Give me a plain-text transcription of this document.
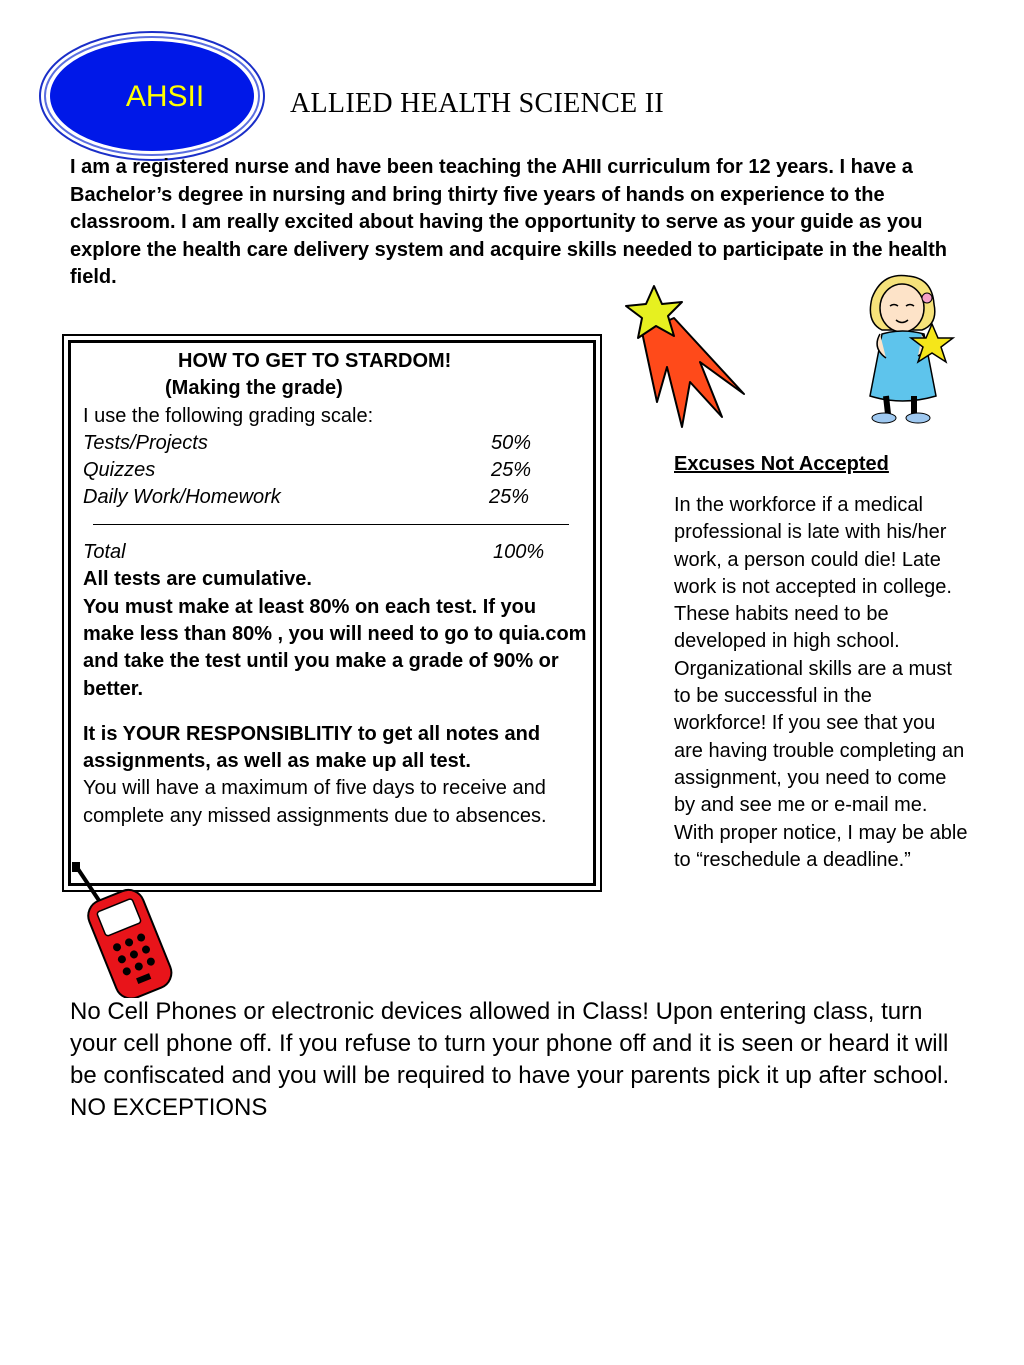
AHSII	ALLIED HEALTH SCIENCE II
I am a registered nurse and have been teaching the AHII curriculum for 12 years. I have a Bachelor’s degree in nursing and bring thirty five years of hands on experience to the classroom. I am really excited about having the opportunity to serve as your guide as you explore the health care delivery system and acquire skills needed to participate in the health field.
HOW TO GET TO STARDOM!
(Making the grade)
I use the following grading scale:
Tests/Projects	50%
Quizzes	25%
Daily Work/Homework	25%
Total	100%
All tests are cumulative.
You must make at least 80% on each test. If you make less than 80% , you will need to go to quia.com and take the test until you make a grade of 90% or better.
It is YOUR RESPONSIBLITIY to get all notes and assignments, as well as make up all test.
You will have a maximum of five days to receive and complete any missed assignments due to absences.
Excuses Not Accepted
In the workforce if a medical professional is late with his/her work, a person could die! Late work is not accepted in college. These habits need to be developed in high school. Organizational skills are a must to be successful in the workforce! If you see that you are having trouble completing an assignment, you need to come by and see me or e-mail me. With proper notice, I may be able to “reschedule a deadline.”
No Cell Phones or electronic devices allowed in Class! Upon entering class, turn your cell phone off. If you refuse to turn your phone off and it is seen or heard it will be confiscated and you will be required to have your parents pick it up after school. NO EXCEPTIONS
